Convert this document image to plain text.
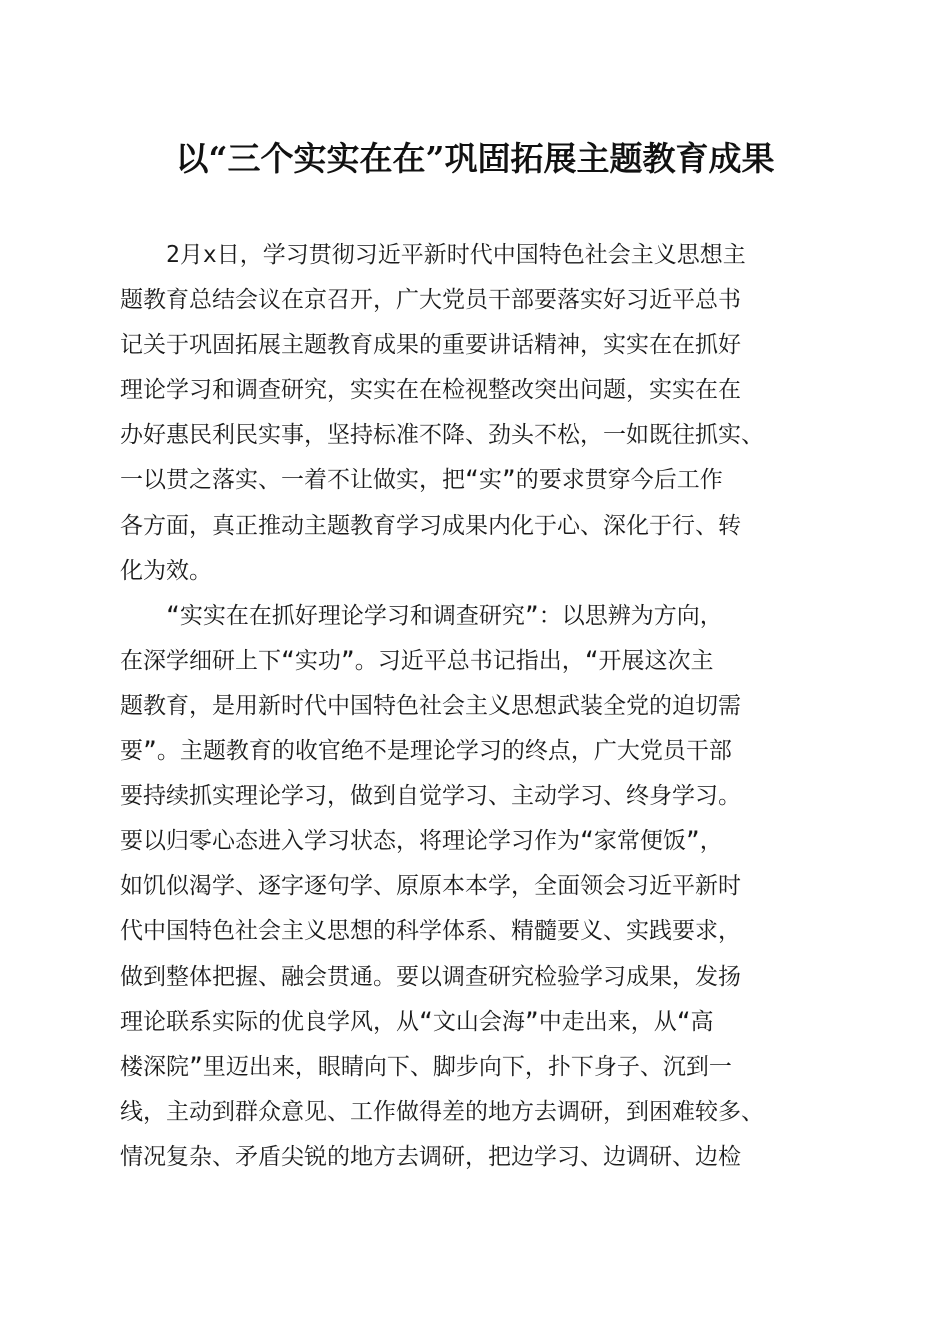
以“三个实实在在”巩固拓展主题教育成果
2月x日，学习贯彻习近平新时代中国特色社会主义思想主
题教育总结会议在京召开，广大党员干部要落实好习近平总书
记关于巩固拓展主题教育成果的重要讲话精神，实实在在抓好
理论学习和调查研究，实实在在检视整改突出问题，实实在在
办好惠民利民实事，坚持标准不降、劲头不松，一如既往抓实、
一以贯之落实、一着不让做实，把“实”的要求贯穿今后工作
各方面，真正推动主题教育学习成果内化于心、深化于行、转
化为效。
“实实在在抓好理论学习和调查研究”：以思辨为方向，
在深学细研上下“实功”。习近平总书记指出，“开展这次主
题教育，是用新时代中国特色社会主义思想武装全党的迫切需
要”。主题教育的收官绝不是理论学习的终点，广大党员干部
要持续抓实理论学习，做到自觉学习、主动学习、终身学习。
要以归零心态进入学习状态，将理论学习作为“家常便饭”，
如饥似渴学、逐字逐句学、原原本本学，全面领会习近平新时
代中国特色社会主义思想的科学体系、精髓要义、实践要求，
做到整体把握、融会贯通。要以调查研究检验学习成果，发扬
理论联系实际的优良学风，从“文山会海”中走出来，从“高
楼深院”里迈出来，眼睛向下、脚步向下，扑下身子、沉到一
线，主动到群众意见、工作做得差的地方去调研，到困难较多、
情况复杂、矛盾尖锐的地方去调研，把边学习、边调研、边检
